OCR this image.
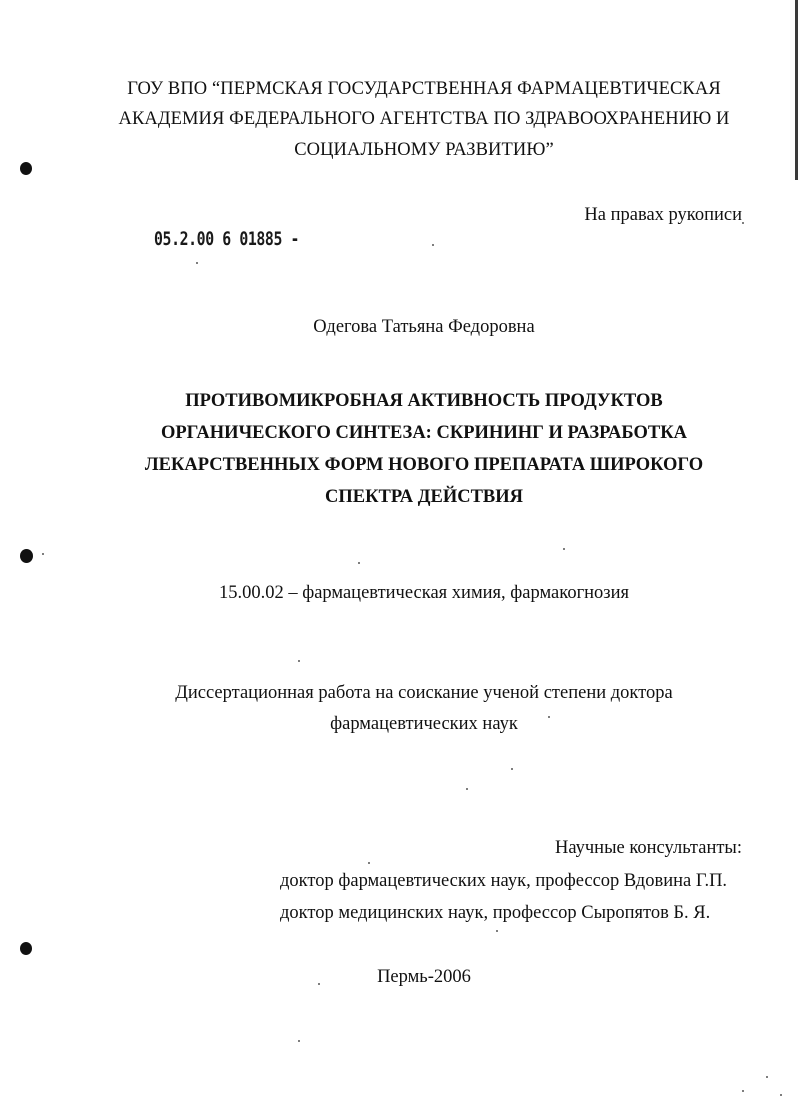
ГОУ ВПО “ПЕРМСКАЯ ГОСУДАРСТВЕННАЯ ФАРМАЦЕВТИЧЕСКАЯ
АКАДЕМИЯ ФЕДЕРАЛЬНОГО АГЕНТСТВА ПО ЗДРАВООХРАНЕНИЮ И
СОЦИАЛЬНОМУ РАЗВИТИЮ”
На правах рукописи
05.2.00 6 01885 -
Одегова Татьяна Федоровна
ПРОТИВОМИКРОБНАЯ АКТИВНОСТЬ ПРОДУКТОВ
ОРГАНИЧЕСКОГО СИНТЕЗА: СКРИНИНГ И РАЗРАБОТКА
ЛЕКАРСТВЕННЫХ ФОРМ НОВОГО ПРЕПАРАТА ШИРОКОГО
СПЕКТРА ДЕЙСТВИЯ
15.00.02 – фармацевтическая химия, фармакогнозия
Диссертационная работа на соискание ученой степени доктора
фармацевтических наук
Научные консультанты:
доктор фармацевтических наук, профессор Вдовина Г.П.
доктор медицинских наук, профессор Сыропятов Б. Я.
Пермь-2006
